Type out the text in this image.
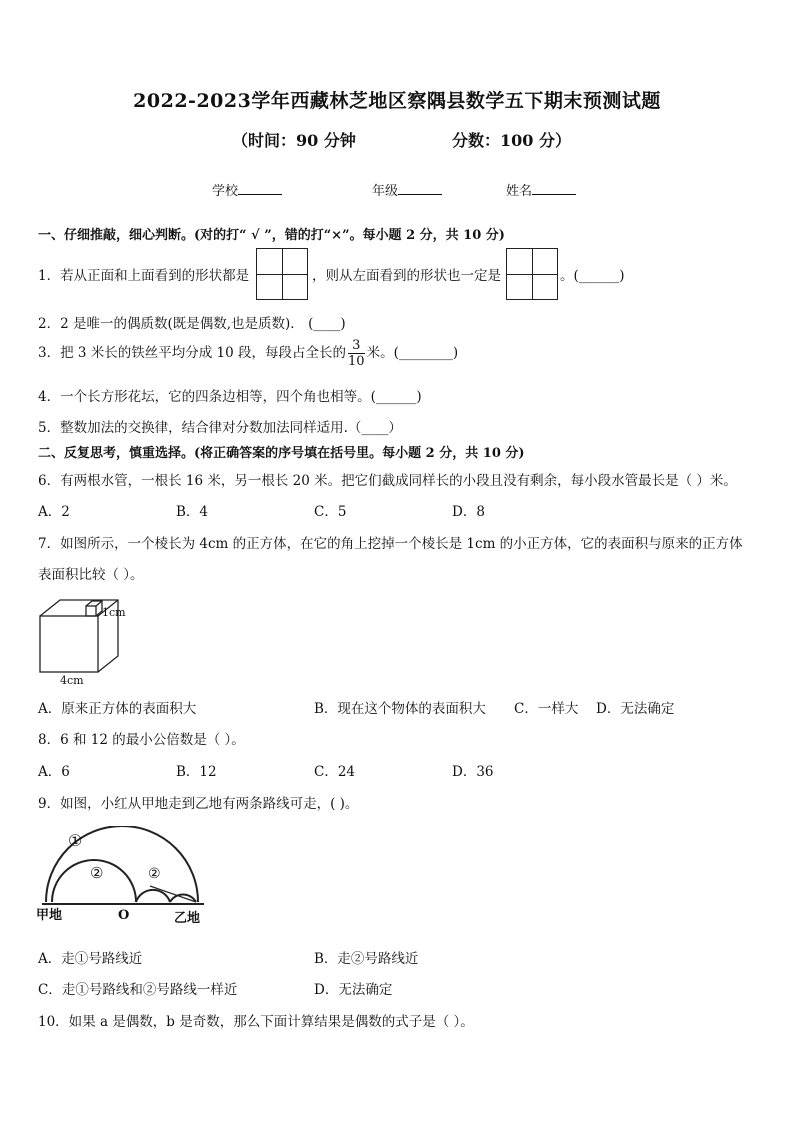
2022-2023学年西藏林芝地区察隅县数学五下期末预测试题
（时间：90 分钟	分数：100 分）
学校	年级	姓名
一、仔细推敲，细心判断。(对的打“ √ ”，错的打“×”。每小题 2 分，共 10 分)
1．若从正面和上面看到的形状都是	，则从左面看到的形状也一定是	。(______)
2．2 是唯一的偶质数(既是偶数,也是质数)． (____)
3．把 3 米长的铁丝平均分成 10 段，每段占全长的 $\frac{3}{10}$ 米。(________)
4．一个长方形花坛，它的四条边相等，四个角也相等。(______)
5．整数加法的交换律，结合律对分数加法同样适用.（____）
二、反复思考，慎重选择。(将正确答案的序号填在括号里。每小题 2 分，共 10 分)
6．有两根水管，一根长 16 米，另一根长 20 米。把它们截成同样长的小段且没有剩余，每小段水管最长是（ ）米。
A．2	B．4	C．5	D．8
7．如图所示，一个棱长为 4cm 的正方体，在它的角上挖掉一个棱长是 1cm 的小正方体，它的表面积与原来的正方体
表面积比较（ ）。
1cm
4cm
A．原来正方体的表面积大	B．现在这个物体的表面积大 C．一样大 D．无法确定
8．6 和 12 的最小公倍数是（ ）。
A．6	B．12	C．24	D．36
9．如图，小红从甲地走到乙地有两条路线可走，( )。
①
②	②
甲地	O	乙地
A．走①号路线近	B．走②号路线近
C．走①号路线和②号路线一样近	D．无法确定
10．如果 a 是偶数，b 是奇数，那么下面计算结果是偶数的式子是（ ）。
